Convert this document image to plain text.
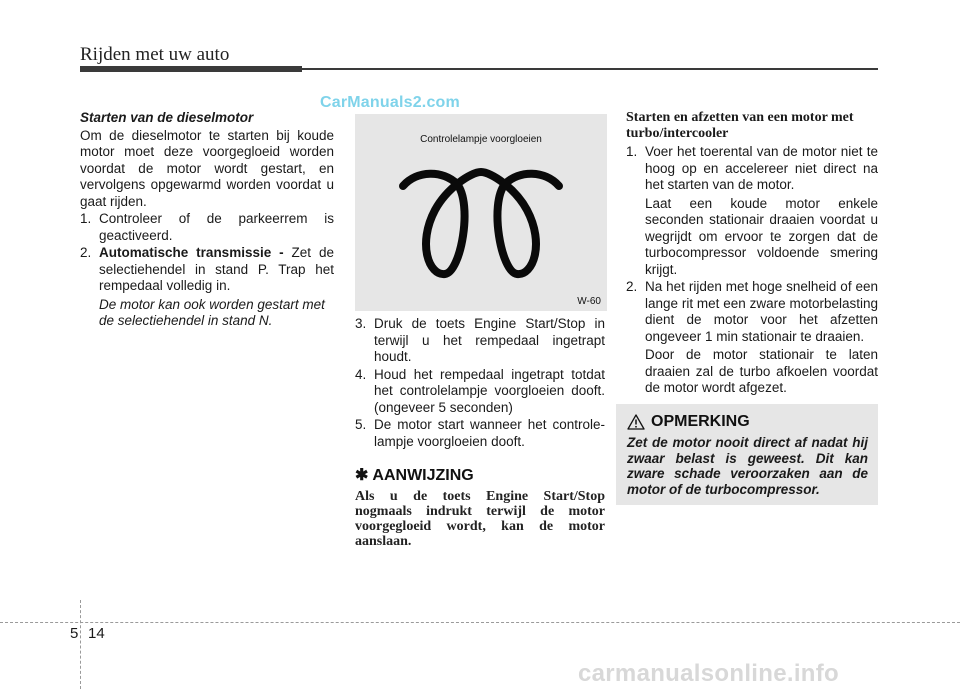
Rijden met uw auto
CarManuals2.com
Starten van de dieselmotor
Om de dieselmotor te starten bij koude motor moet deze voorgegloeid worden voordat de motor wordt gestart, en vervolgens opgewarmd worden voordat u gaat rijden.
1. Controleer of de parkeerrem is geactiveerd.
2. Automatische transmissie - Zet de selectiehendel in stand P. Trap het rempedaal volledig in.
De motor kan ook worden gestart met de selectiehendel in stand N.
Controlelampje voorgloeien
W-60
3. Druk de toets Engine Start/Stop in terwijl u het rempedaal ingetrapt houdt.
4. Houd het rempedaal ingetrapt totdat het controlelampje voorgloeien dooft. (ongeveer 5 seconden)
5. De motor start wanneer het controle-lampje voorgloeien dooft.
✱ AANWIJZING
Als u de toets Engine Start/Stop nogmaals indrukt terwijl de motor voorgegloeid wordt, kan de motor aanslaan.
Starten en afzetten van een motor met turbo/intercooler
1. Voer het toerental van de motor niet te hoog op en accelereer niet direct na het starten van de motor.
Laat een koude motor enkele seconden stationair draaien voordat u wegrijdt om ervoor te zorgen dat de turbocompressor voldoende smering krijgt.
2. Na het rijden met hoge snelheid of een lange rit met een zware motorbelasting dient de motor voor het afzetten ongeveer 1 min stationair te draaien.
Door de motor stationair te laten draaien zal de turbo afkoelen voordat de motor wordt afgezet.
OPMERKING
Zet de motor nooit direct af nadat hij zwaar belast is geweest. Dit kan zware schade veroorzaken aan de motor of de turbocompressor.
5 14
carmanualsonline.info
